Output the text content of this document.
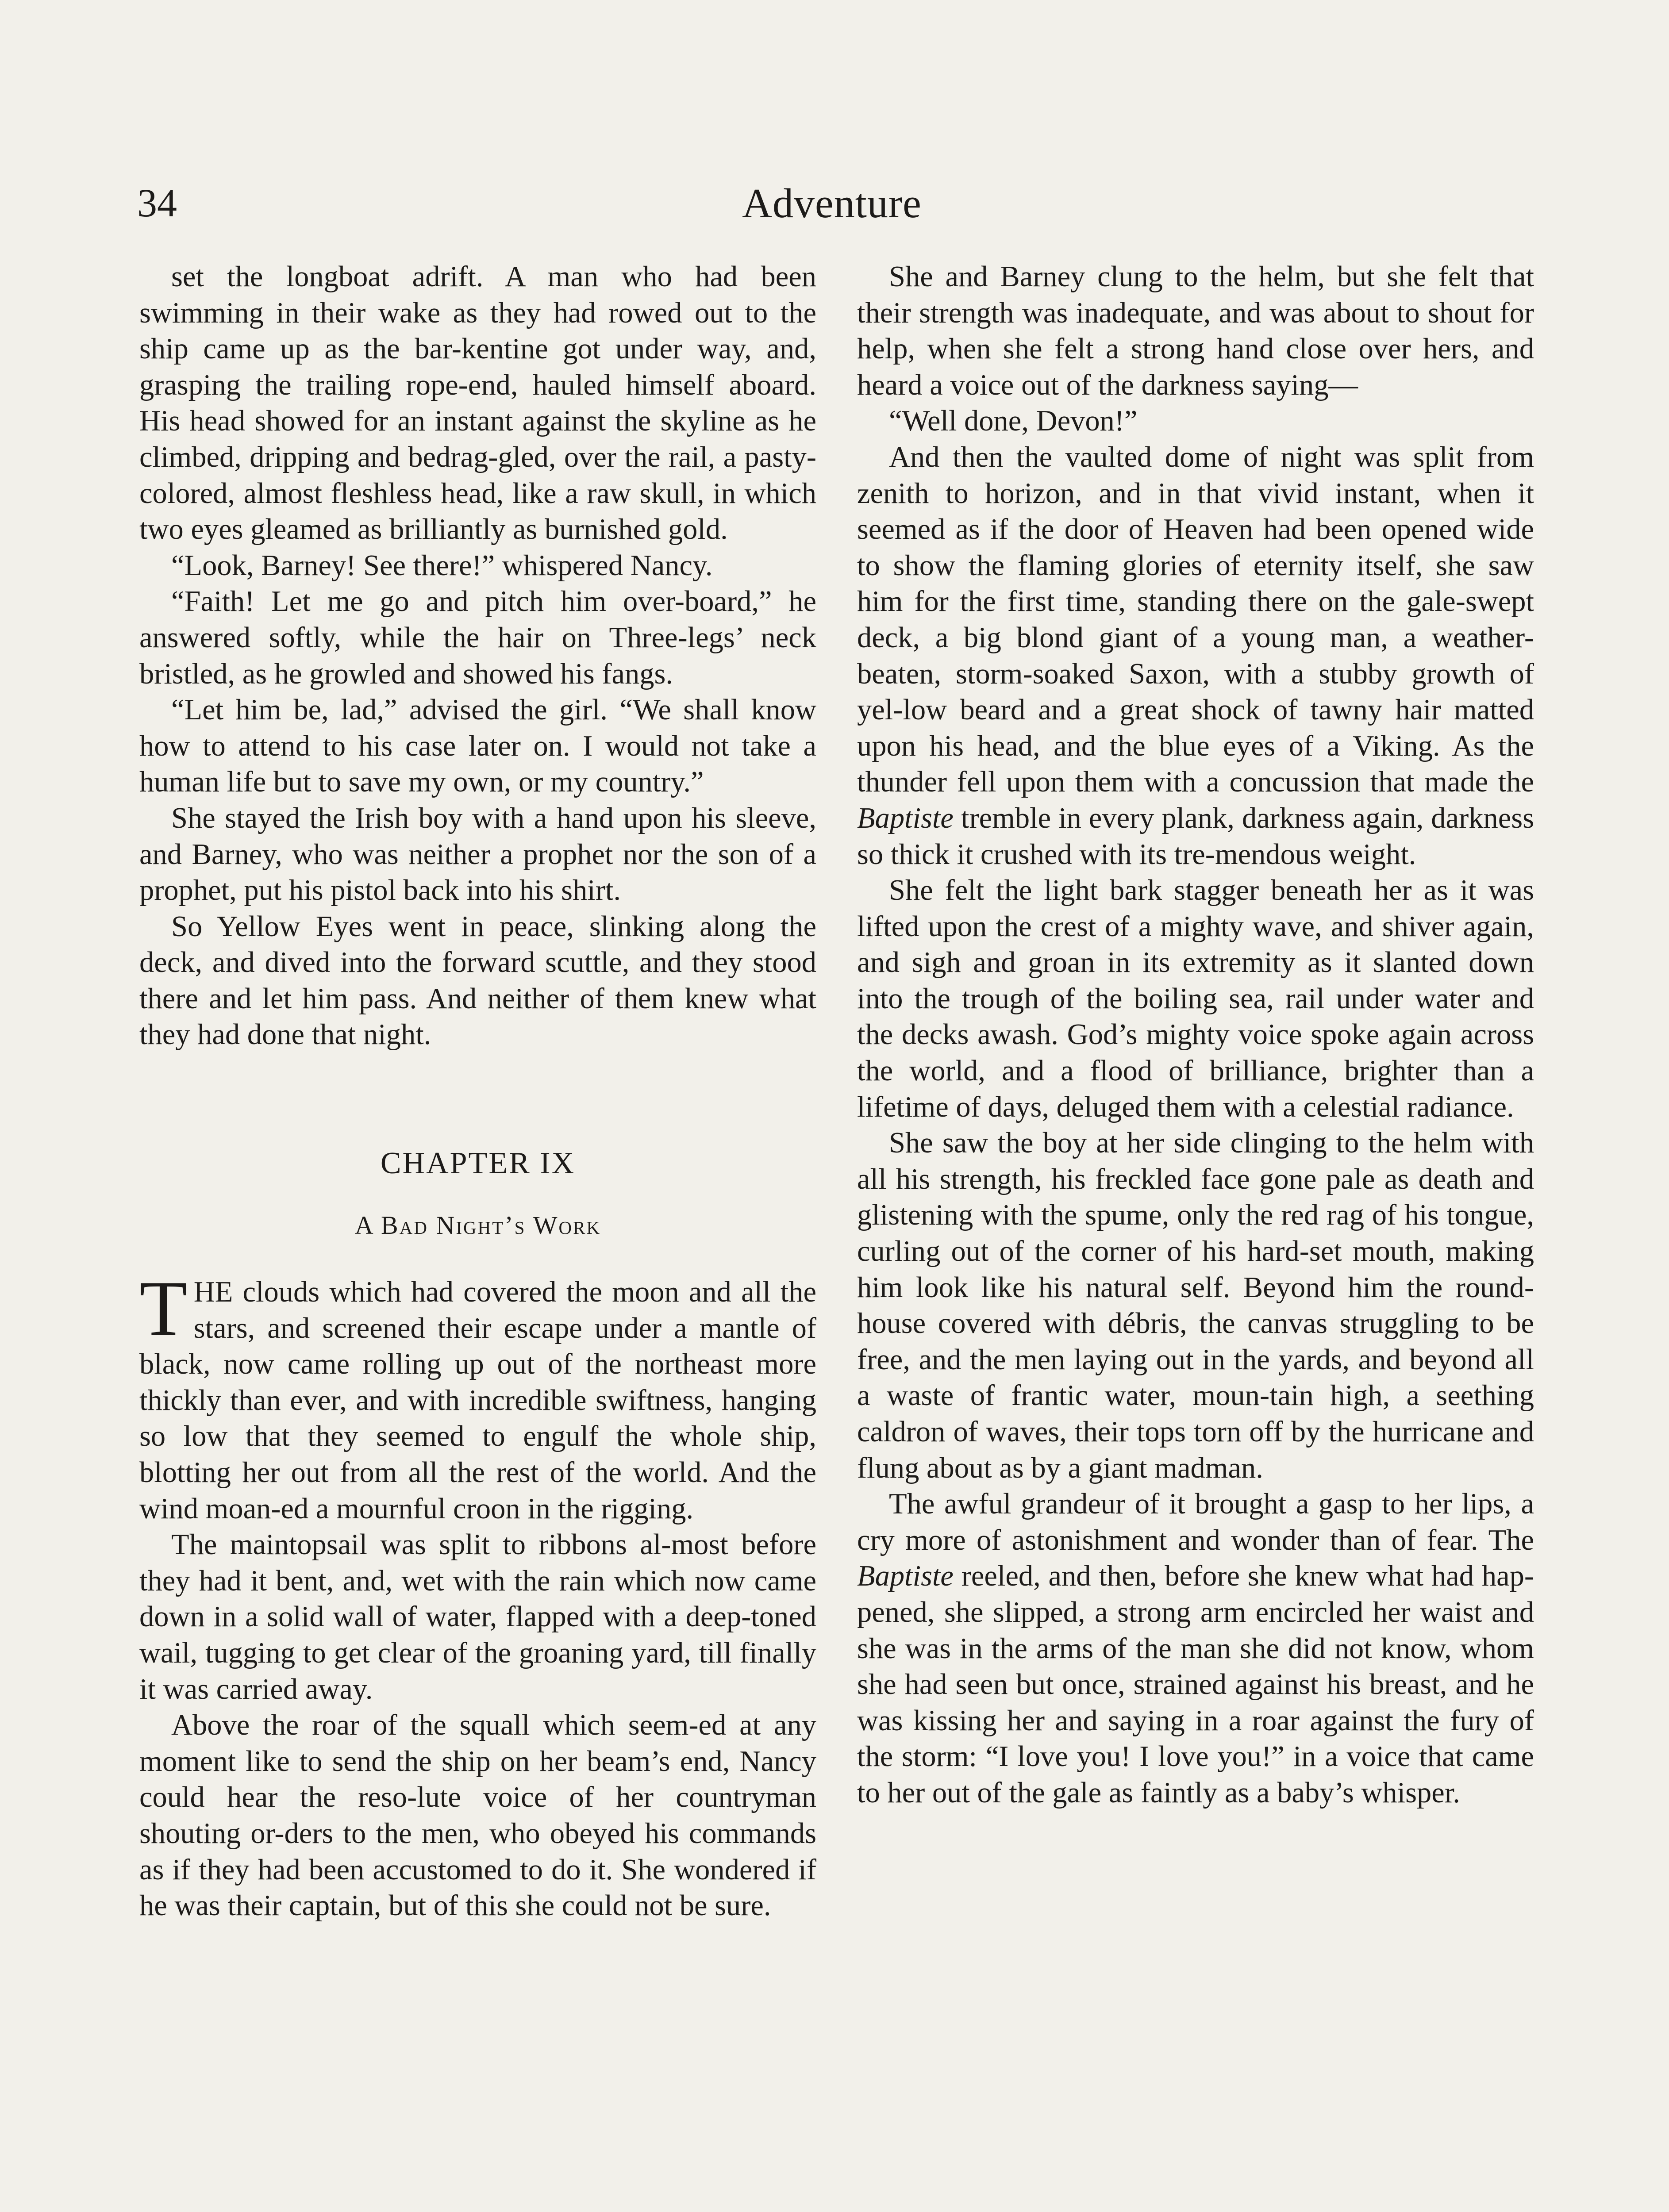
34	Adventure

set the longboat adrift. A man who had been swimming in their wake as they had rowed out to the ship came up as the bar-kentine got under way, and, grasping the trailing rope-end, hauled himself aboard. His head showed for an instant against the skyline as he climbed, dripping and bedrag-gled, over the rail, a pasty-colored, almost fleshless head, like a raw skull, in which two eyes gleamed as brilliantly as burnished gold.

“Look, Barney! See there!” whispered Nancy.

“Faith! Let me go and pitch him over-board,” he answered softly, while the hair on Three-legs’ neck bristled, as he growled and showed his fangs.

“Let him be, lad,” advised the girl. “We shall know how to attend to his case later on. I would not take a human life but to save my own, or my country.”

She stayed the Irish boy with a hand upon his sleeve, and Barney, who was neither a prophet nor the son of a prophet, put his pistol back into his shirt.

So Yellow Eyes went in peace, slinking along the deck, and dived into the forward scuttle, and they stood there and let him pass. And neither of them knew what they had done that night.

CHAPTER IX
A Bad Night’s Work

THE clouds which had covered the moon and all the stars, and screened their escape under a mantle of black, now came rolling up out of the northeast more thickly than ever, and with incredible swiftness, hanging so low that they seemed to engulf the whole ship, blotting her out from all the rest of the world. And the wind moan-ed a mournful croon in the rigging.

The maintopsail was split to ribbons al-most before they had it bent, and, wet with the rain which now came down in a solid wall of water, flapped with a deep-toned wail, tugging to get clear of the groaning yard, till finally it was carried away.

Above the roar of the squall which seem-ed at any moment like to send the ship on her beam’s end, Nancy could hear the reso-lute voice of her countryman shouting or-ders to the men, who obeyed his commands as if they had been accustomed to do it. She wondered if he was their captain, but of this she could not be sure.

She and Barney clung to the helm, but she felt that their strength was inadequate, and was about to shout for help, when she felt a strong hand close over hers, and heard a voice out of the darkness saying—

“Well done, Devon!”

And then the vaulted dome of night was split from zenith to horizon, and in that vivid instant, when it seemed as if the door of Heaven had been opened wide to show the flaming glories of eternity itself, she saw him for the first time, standing there on the gale-swept deck, a big blond giant of a young man, a weather-beaten, storm-soaked Saxon, with a stubby growth of yel-low beard and a great shock of tawny hair matted upon his head, and the blue eyes of a Viking. As the thunder fell upon them with a concussion that made the Baptiste tremble in every plank, darkness again, darkness so thick it crushed with its tre-mendous weight.

She felt the light bark stagger beneath her as it was lifted upon the crest of a mighty wave, and shiver again, and sigh and groan in its extremity as it slanted down into the trough of the boiling sea, rail under water and the decks awash. God’s mighty voice spoke again across the world, and a flood of brilliance, brighter than a lifetime of days, deluged them with a celestial radiance.

She saw the boy at her side clinging to the helm with all his strength, his freckled face gone pale as death and glistening with the spume, only the red rag of his tongue, curling out of the corner of his hard-set mouth, making him look like his natural self. Beyond him the round-house covered with débris, the canvas struggling to be free, and the men laying out in the yards, and beyond all a waste of frantic water, moun-tain high, a seething caldron of waves, their tops torn off by the hurricane and flung about as by a giant madman.

The awful grandeur of it brought a gasp to her lips, a cry more of astonishment and wonder than of fear. The Baptiste reeled, and then, before she knew what had hap-pened, she slipped, a strong arm encircled her waist and she was in the arms of the man she did not know, whom she had seen but once, strained against his breast, and he was kissing her and saying in a roar against the fury of the storm: “I love you! I love you!” in a voice that came to her out of the gale as faintly as a baby’s whisper.
